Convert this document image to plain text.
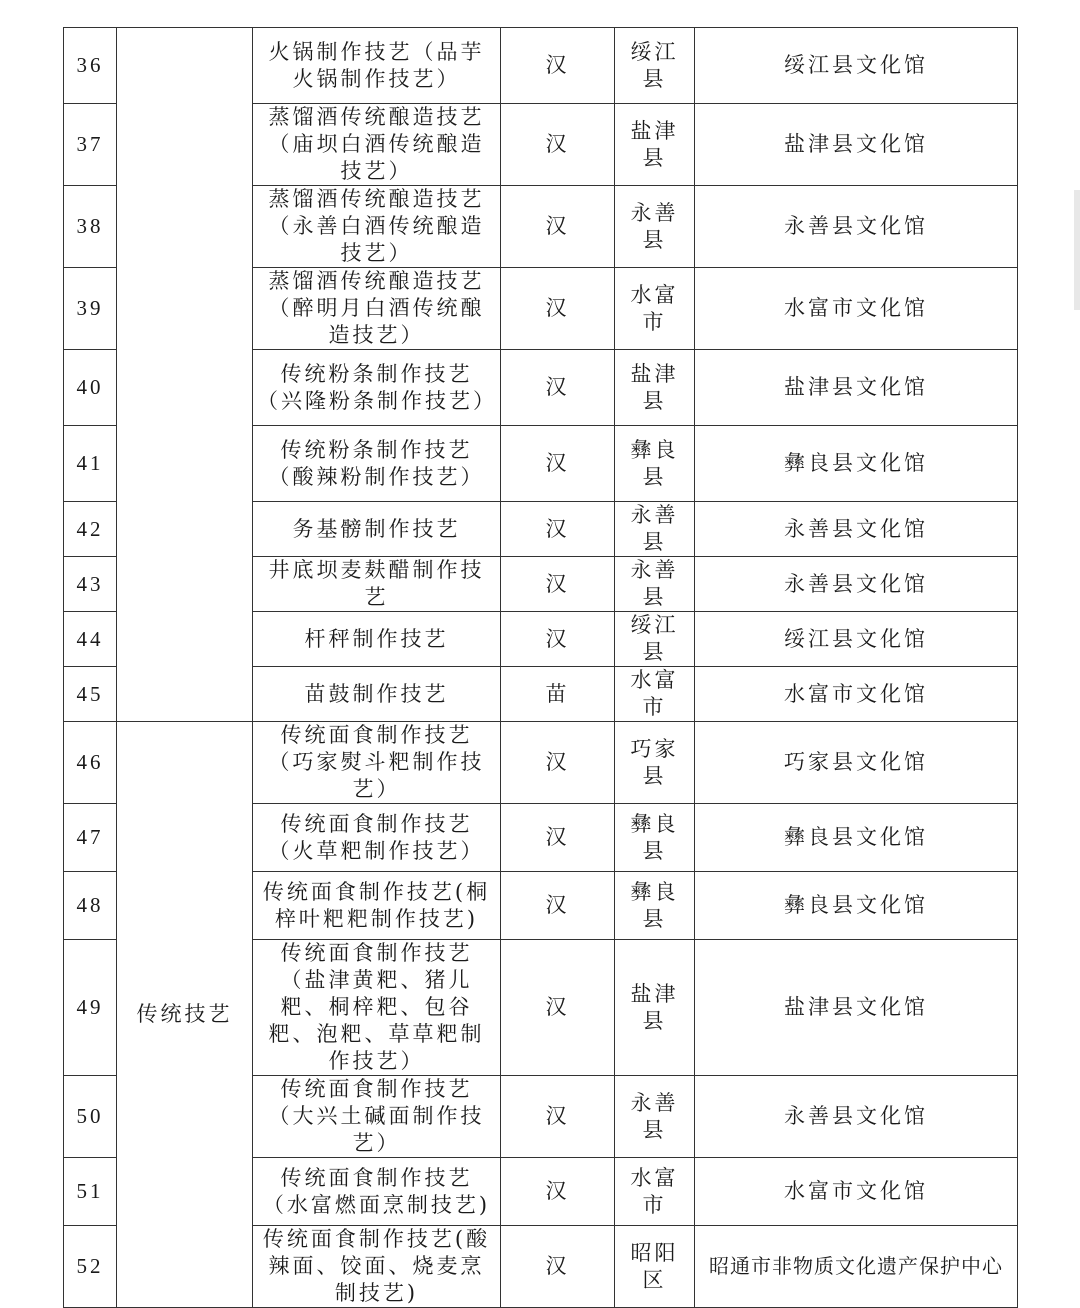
36		火锅制作技艺（品芋火锅制作技艺）	汉	绥江县	绥江县文化馆
37		蒸馏酒传统酿造技艺（庙坝白酒传统酿造技艺）	汉	盐津县	盐津县文化馆
38		蒸馏酒传统酿造技艺（永善白酒传统酿造技艺）	汉	永善县	永善县文化馆
39		蒸馏酒传统酿造技艺（醉明月白酒传统酿造技艺）	汉	水富市	水富市文化馆
40		传统粉条制作技艺（兴隆粉条制作技艺）	汉	盐津县	盐津县文化馆
41		传统粉条制作技艺（酸辣粉制作技艺）	汉	彝良县	彝良县文化馆
42		务基髈制作技艺	汉	永善县	永善县文化馆
43		井底坝麦麸醋制作技艺	汉	永善县	永善县文化馆
44		杆秤制作技艺	汉	绥江县	绥江县文化馆
45		苗鼓制作技艺	苗	水富市	水富市文化馆
46	传统技艺	传统面食制作技艺（巧家熨斗粑制作技艺）	汉	巧家县	巧家县文化馆
47		传统面食制作技艺（火草粑制作技艺）	汉	彝良县	彝良县文化馆
48		传统面食制作技艺(桐梓叶粑粑制作技艺)	汉	彝良县	彝良县文化馆
49		传统面食制作技艺（盐津黄粑、猪儿粑、桐梓粑、包谷粑、泡粑、草草粑制作技艺）	汉	盐津县	盐津县文化馆
50		传统面食制作技艺（大兴土碱面制作技艺）	汉	永善县	永善县文化馆
51		传统面食制作技艺（水富燃面烹制技艺)	汉	水富市	水富市文化馆
52		传统面食制作技艺(酸辣面、饺面、烧麦烹制技艺)	汉	昭阳区	昭通市非物质文化遗产保护中心
